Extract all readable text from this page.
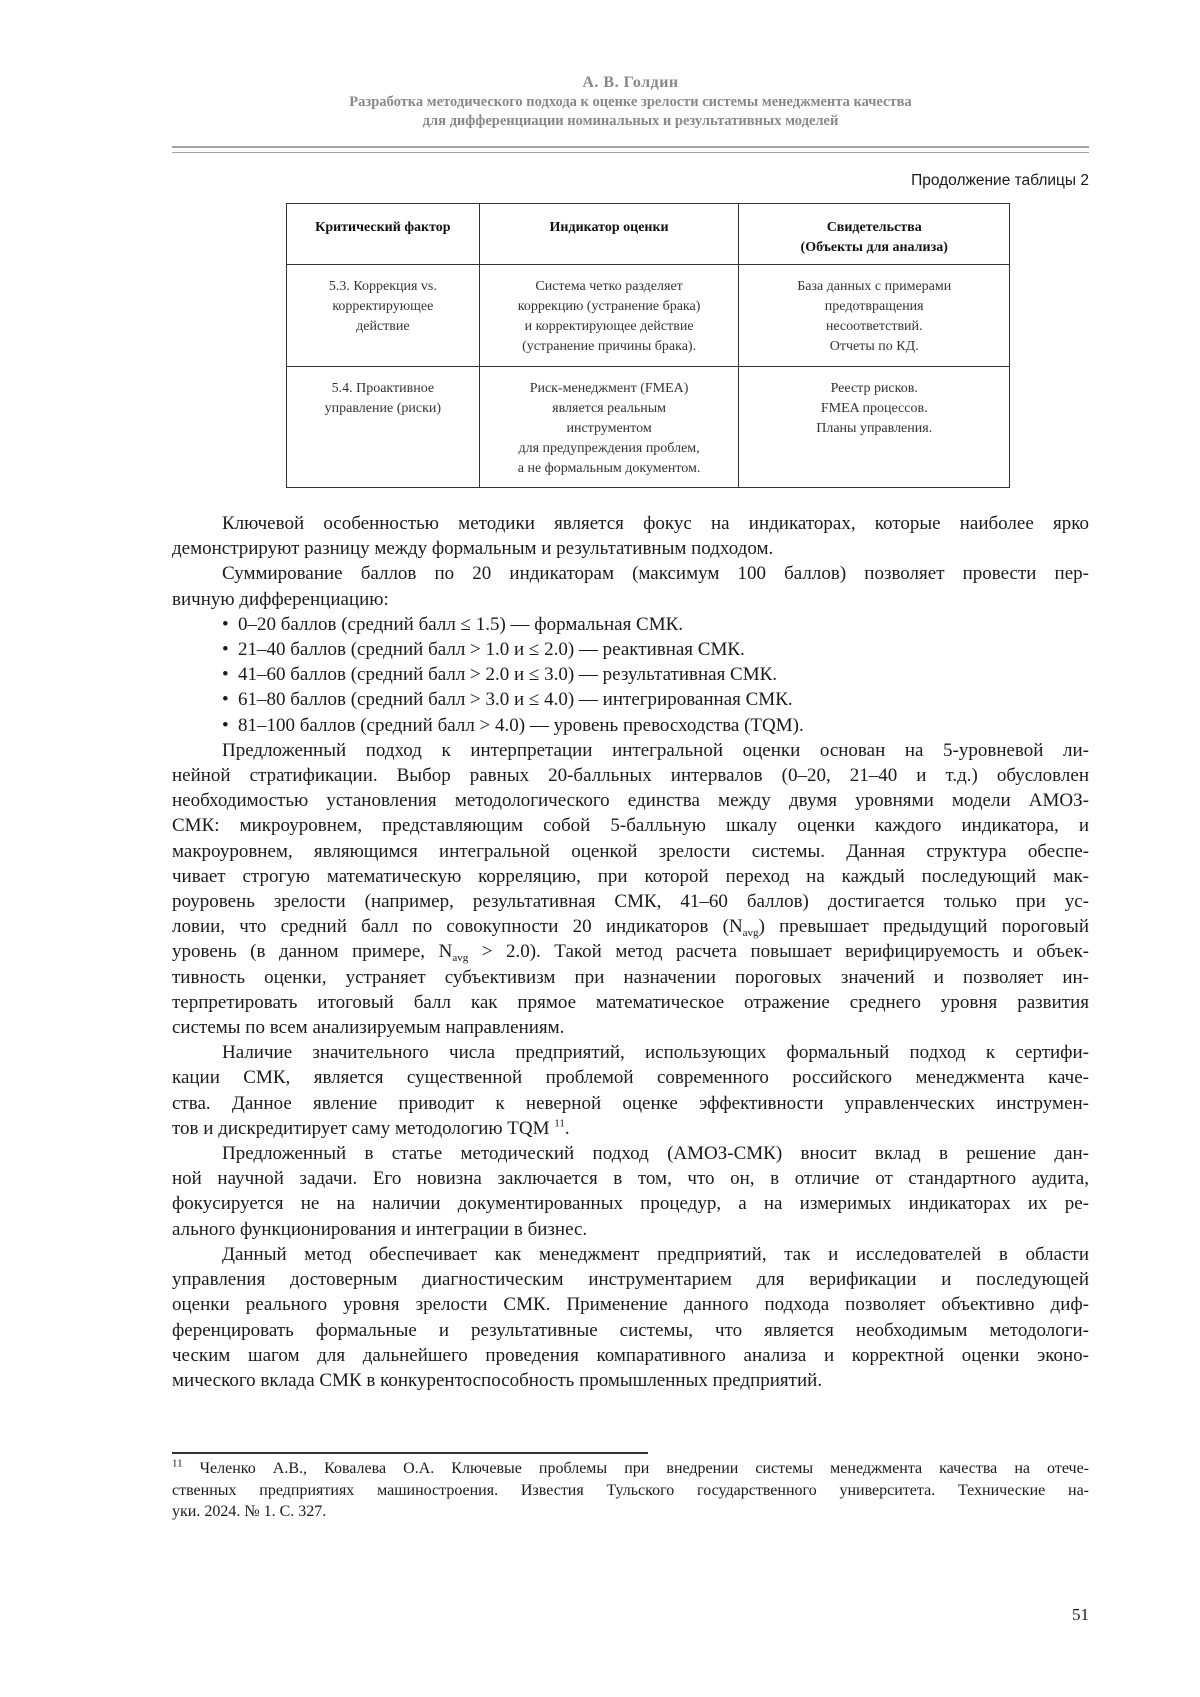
А. В. Голдин
Разработка методического подхода к оценке зрелости системы менеджмента качества
для дифференциации номинальных и результативных моделей
Продолжение таблицы 2
Критический фактор	Индикатор оценки	Свидетельства
(Объекты для анализа)

5.3. Коррекция vs.
корректирующее
действие	Система четко разделяет
коррекцию (устранение брака)
и корректирующее действие
(устранение причины брака).	База данных с примерами
предотвращения
несоответствий.
Отчеты по КД.

5.4. Проактивное
управление (риски)	Риск-менеджмент (FMEA)
является реальным
инструментом
для предупреждения проблем,
а не формальным документом.	Реестр рисков.
FMEA процессов.
Планы управления.
Ключевой особенностью методики является фокус на индикаторах, которые наиболее ярко
демонстрируют разницу между формальным и результативным подходом.
Суммирование баллов по 20 индикаторам (максимум 100 баллов) позволяет провести пер-
вичную дифференциацию:
• 0–20 баллов (средний балл ≤ 1.5) — формальная СМК.
• 21–40 баллов (средний балл > 1.0 и ≤ 2.0) — реактивная СМК.
• 41–60 баллов (средний балл > 2.0 и ≤ 3.0) — результативная СМК.
• 61–80 баллов (средний балл > 3.0 и ≤ 4.0) — интегрированная СМК.
• 81–100 баллов (средний балл > 4.0) — уровень превосходства (TQM).
Предложенный подход к интерпретации интегральной оценки основан на 5-уровневой ли-
нейной стратификации. Выбор равных 20-балльных интервалов (0–20, 21–40 и т.д.) обусловлен
необходимостью установления методологического единства между двумя уровнями модели АМОЗ-
СМК: микроуровнем, представляющим собой 5-балльную шкалу оценки каждого индикатора, и
макроуровнем, являющимся интегральной оценкой зрелости системы. Данная структура обеспе-
чивает строгую математическую корреляцию, при которой переход на каждый последующий мак-
роуровень зрелости (например, результативная СМК, 41–60 баллов) достигается только при ус-
ловии, что средний балл по совокупности 20 индикаторов $(N_{avg})$ превышает предыдущий пороговый
уровень (в данном примере, $N_{avg} > 2.0$). Такой метод расчета повышает верифицируемость и объек-
тивность оценки, устраняет субъективизм при назначении пороговых значений и позволяет ин-
терпретировать итоговый балл как прямое математическое отражение среднего уровня развития
системы по всем анализируемым направлениям.
Наличие значительного числа предприятий, использующих формальный подход к сертифи-
кации СМК, является существенной проблемой современного российского менеджмента каче-
ства. Данное явление приводит к неверной оценке эффективности управленческих инструмен-
тов и дискредитирует саму методологию TQM $^{11}$.
Предложенный в статье методический подход (АМОЗ-СМК) вносит вклад в решение дан-
ной научной задачи. Его новизна заключается в том, что он, в отличие от стандартного аудита,
фокусируется не на наличии документированных процедур, а на измеримых индикаторах их ре-
ального функционирования и интеграции в бизнес.
Данный метод обеспечивает как менеджмент предприятий, так и исследователей в области
управления достоверным диагностическим инструментарием для верификации и последующей
оценки реального уровня зрелости СМК. Применение данного подхода позволяет объективно диф-
ференцировать формальные и результативные системы, что является необходимым методологи-
ческим шагом для дальнейшего проведения компаративного анализа и корректной оценки эконо-
мического вклада СМК в конкурентоспособность промышленных предприятий.
$^{11}$ Челенко А.В., Ковалева О.А. Ключевые проблемы при внедрении системы менеджмента качества на отече-
ственных предприятиях машиностроения. Известия Тульского государственного университета. Технические на-
уки. 2024. № 1. С. 327.
51
